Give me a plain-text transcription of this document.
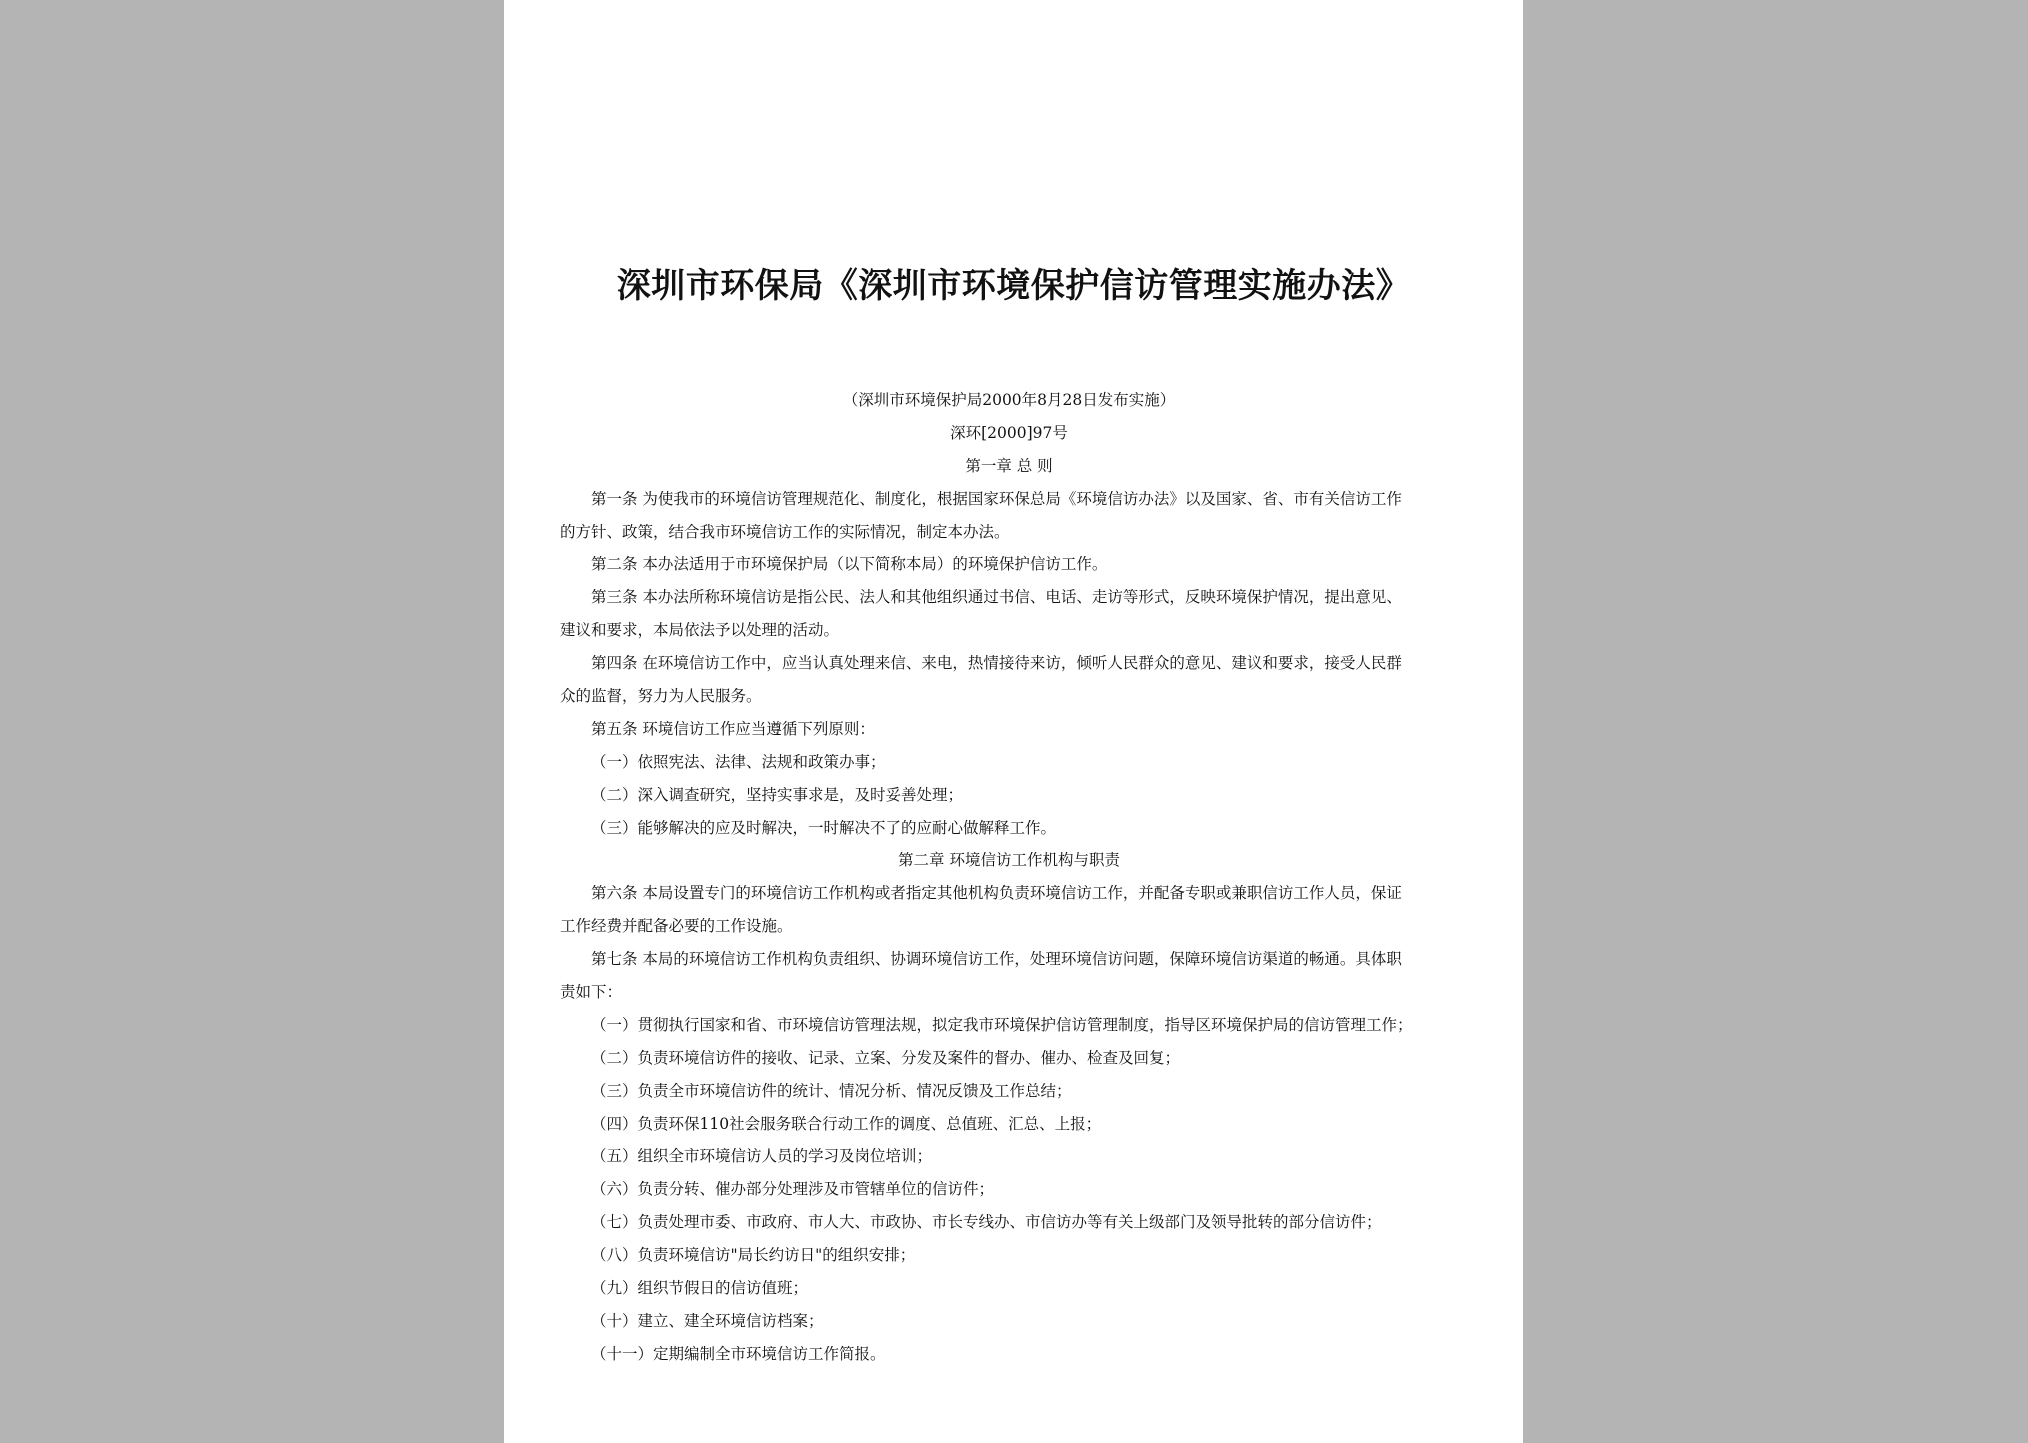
深圳市环保局《深圳市环境保护信访管理实施办法》
（深圳市环境保护局2000年8月28日发布实施）
深环[2000]97号
第一章 总 则
第一条 为使我市的环境信访管理规范化、制度化，根据国家环保总局《环境信访办法》以及国家、省、市有关信访工作
的方针、政策，结合我市环境信访工作的实际情况，制定本办法。
第二条 本办法适用于市环境保护局（以下简称本局）的环境保护信访工作。
第三条 本办法所称环境信访是指公民、法人和其他组织通过书信、电话、走访等形式，反映环境保护情况，提出意见、
建议和要求，本局依法予以处理的活动。
第四条 在环境信访工作中，应当认真处理来信、来电，热情接待来访，倾听人民群众的意见、建议和要求，接受人民群
众的监督，努力为人民服务。
第五条 环境信访工作应当遵循下列原则：
（一）依照宪法、法律、法规和政策办事；
（二）深入调查研究，坚持实事求是，及时妥善处理；
（三）能够解决的应及时解决，一时解决不了的应耐心做解释工作。
第二章 环境信访工作机构与职责
第六条 本局设置专门的环境信访工作机构或者指定其他机构负责环境信访工作，并配备专职或兼职信访工作人员，保证
工作经费并配备必要的工作设施。
第七条 本局的环境信访工作机构负责组织、协调环境信访工作，处理环境信访问题，保障环境信访渠道的畅通。具体职
责如下：
（一）贯彻执行国家和省、市环境信访管理法规，拟定我市环境保护信访管理制度，指导区环境保护局的信访管理工作；
（二）负责环境信访件的接收、记录、立案、分发及案件的督办、催办、检查及回复；
（三）负责全市环境信访件的统计、情况分析、情况反馈及工作总结；
（四）负责环保110社会服务联合行动工作的调度、总值班、汇总、上报；
（五）组织全市环境信访人员的学习及岗位培训；
（六）负责分转、催办部分处理涉及市管辖单位的信访件；
（七）负责处理市委、市政府、市人大、市政协、市长专线办、市信访办等有关上级部门及领导批转的部分信访件；
（八）负责环境信访"局长约访日"的组织安排；
（九）组织节假日的信访值班；
（十）建立、建全环境信访档案；
（十一）定期编制全市环境信访工作简报。
